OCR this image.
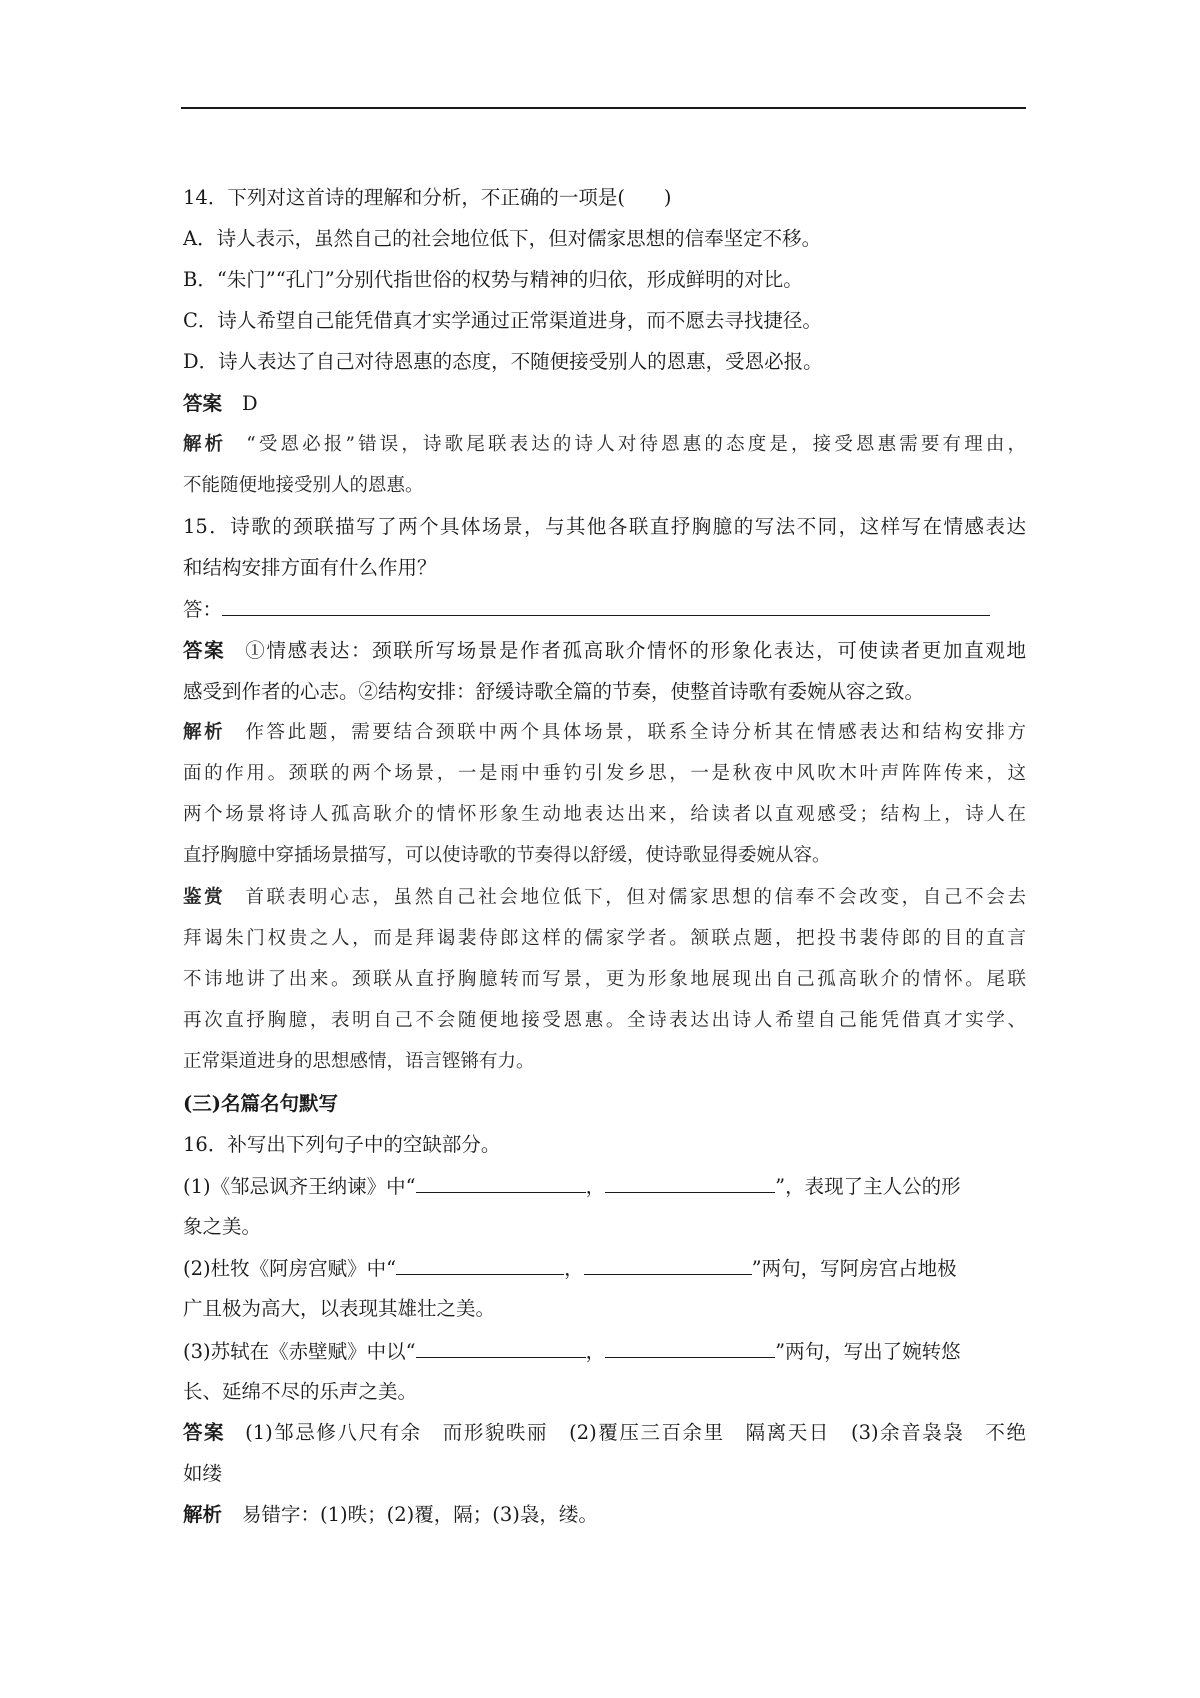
14．下列对这首诗的理解和分析，不正确的一项是(　　)
A．诗人表示，虽然自己的社会地位低下，但对儒家思想的信奉坚定不移。
B．“朱门”“孔门”分别代指世俗的权势与精神的归依，形成鲜明的对比。
C．诗人希望自己能凭借真才实学通过正常渠道进身，而不愿去寻找捷径。
D．诗人表达了自己对待恩惠的态度，不随便接受别人的恩惠，受恩必报。
答案 D
解析 “受恩必报”错误，诗歌尾联表达的诗人对待恩惠的态度是，接受恩惠需要有理由，
不能随便地接受别人的恩惠。
15．诗歌的颈联描写了两个具体场景，与其他各联直抒胸臆的写法不同，这样写在情感表达
和结构安排方面有什么作用？
答：
答案 ①情感表达：颈联所写场景是作者孤高耿介情怀的形象化表达，可使读者更加直观地
感受到作者的心志。②结构安排：舒缓诗歌全篇的节奏，使整首诗歌有委婉从容之致。
解析 作答此题，需要结合颈联中两个具体场景，联系全诗分析其在情感表达和结构安排方
面的作用。颈联的两个场景，一是雨中垂钓引发乡思，一是秋夜中风吹木叶声阵阵传来，这
两个场景将诗人孤高耿介的情怀形象生动地表达出来，给读者以直观感受；结构上，诗人在
直抒胸臆中穿插场景描写，可以使诗歌的节奏得以舒缓，使诗歌显得委婉从容。
鉴赏 首联表明心志，虽然自己社会地位低下，但对儒家思想的信奉不会改变，自己不会去
拜谒朱门权贵之人，而是拜谒裴侍郎这样的儒家学者。颔联点题，把投书裴侍郎的目的直言
不讳地讲了出来。颈联从直抒胸臆转而写景，更为形象地展现出自己孤高耿介的情怀。尾联
再次直抒胸臆，表明自己不会随便地接受恩惠。全诗表达出诗人希望自己能凭借真才实学、
正常渠道进身的思想感情，语言铿锵有力。
(三)名篇名句默写
16．补写出下列句子中的空缺部分。
(1)《邹忌讽齐王纳谏》中“	，	”，表现了主人公的形
象之美。
(2)杜牧《阿房宫赋》中“	，	”两句，写阿房宫占地极
广且极为高大，以表现其雄壮之美。
(3)苏轼在《赤壁赋》中以“	，	”两句，写出了婉转悠
长、延绵不尽的乐声之美。
答案 (1)邹忌修八尺有余　而形貌昳丽　(2)覆压三百余里　隔离天日　(3)余音袅袅　不绝
如缕
解析 易错字：(1)昳；(2)覆，隔；(3)袅，缕。
